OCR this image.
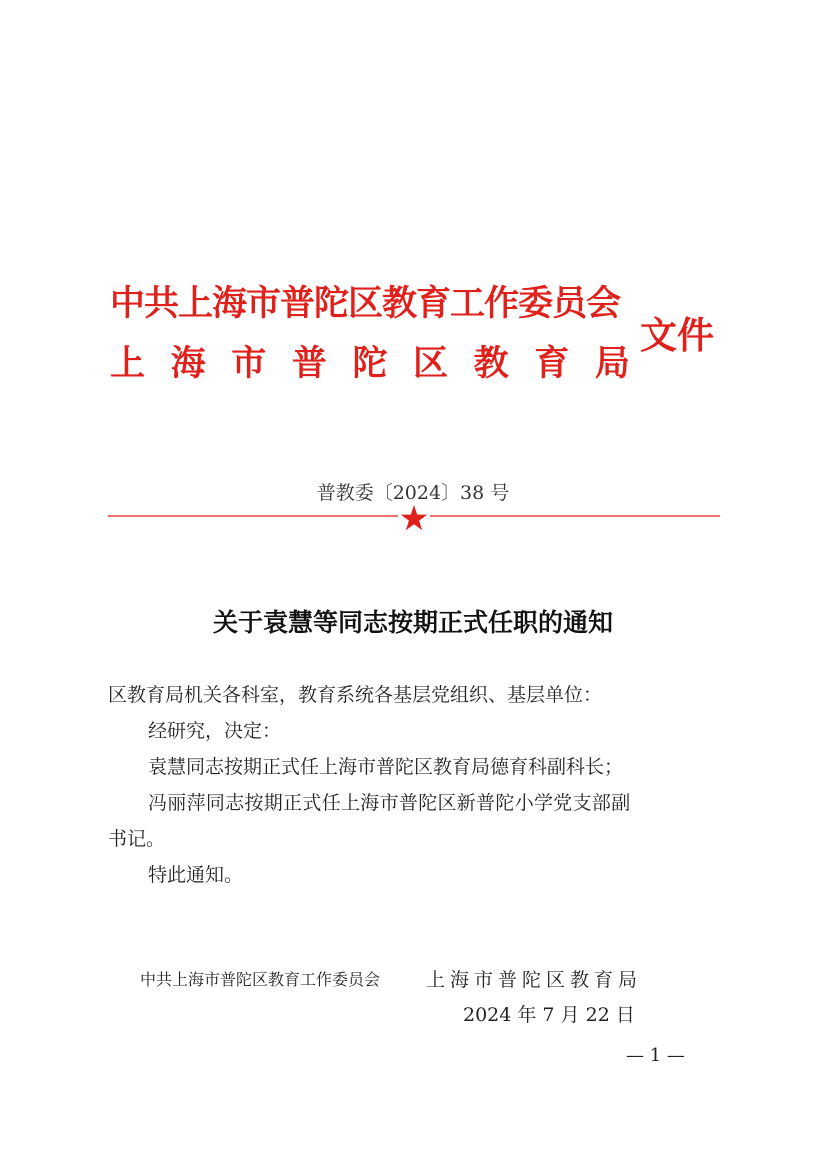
中共上海市普陀区教育工作委员会
上 海 市 普 陀 区 教 育 局
文件
普教委〔2024〕38 号
关于袁慧等同志按期正式任职的通知
区教育局机关各科室，教育系统各基层党组织、基层单位：
经研究，决定：
袁慧同志按期正式任上海市普陀区教育局德育科副科长；
冯丽萍同志按期正式任上海市普陀区新普陀小学党支部副
书记。
特此通知。
中共上海市普陀区教育工作委员会 上海市普陀区教育局
2024 年 7 月 22 日
— 1 —
